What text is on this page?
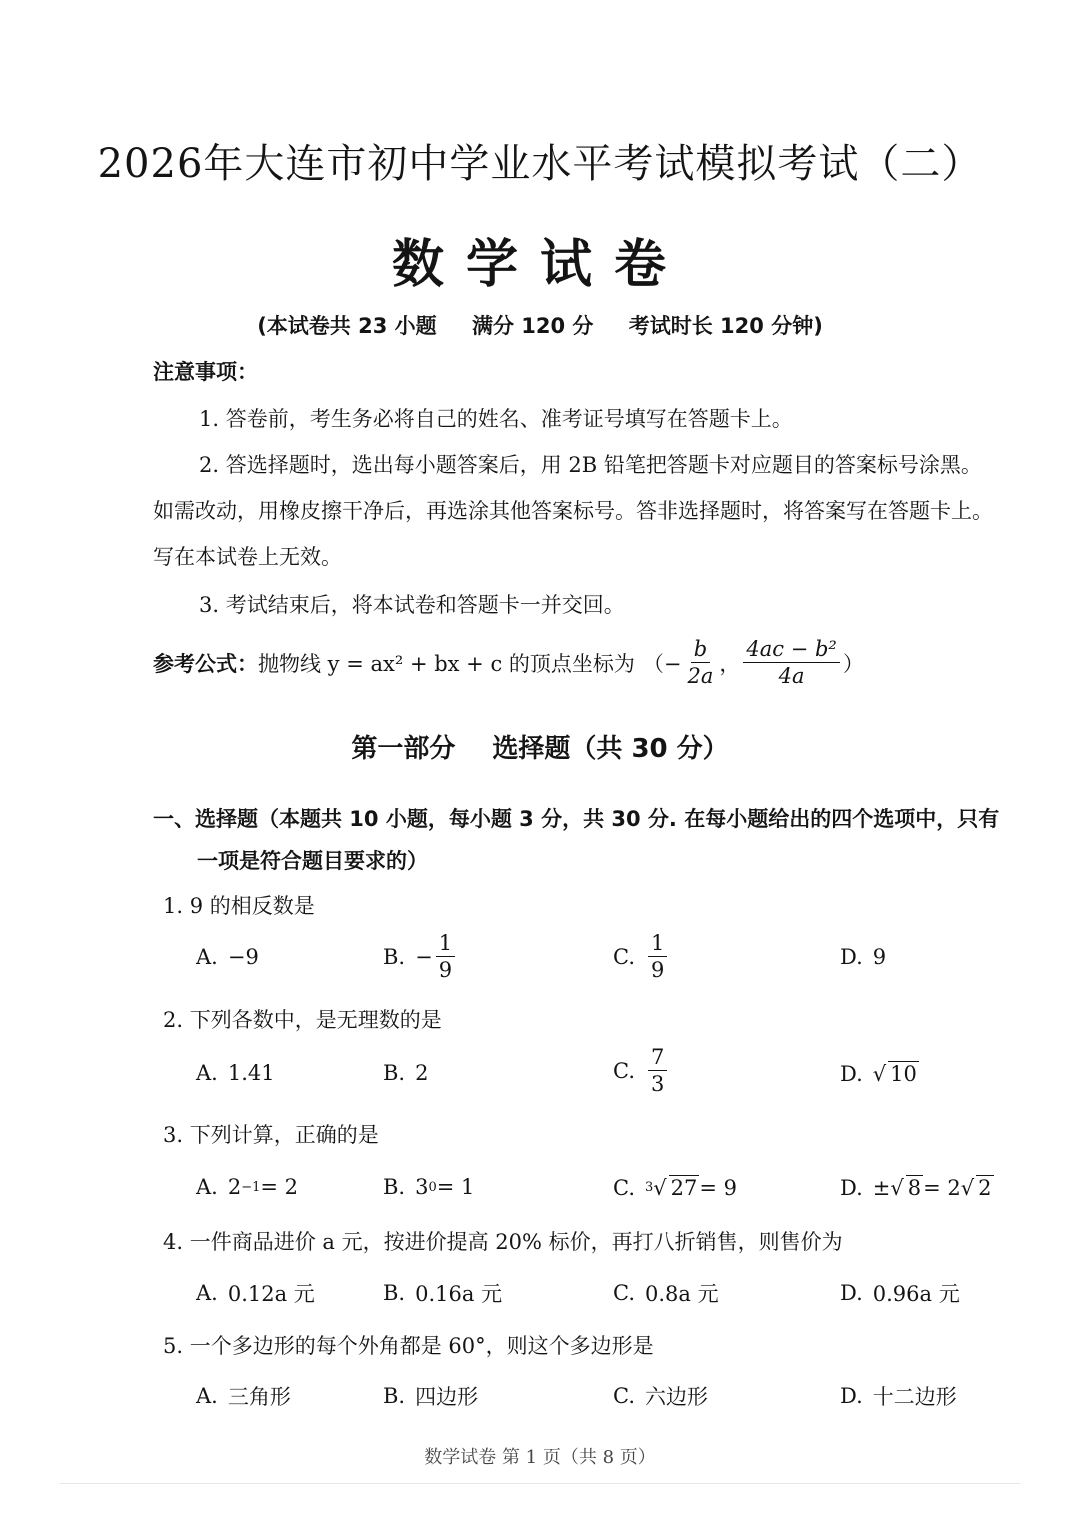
2026年大连市初中学业水平考试模拟考试（二）
数学试卷
(本试卷共 23 小题 满分 120 分 考试时长 120 分钟)
注意事项：
1. 答卷前，考生务必将自己的姓名、准考证号填写在答题卡上。
2. 答选择题时，选出每小题答案后，用 2B 铅笔把答题卡对应题目的答案标号涂黑。
如需改动，用橡皮擦干净后，再选涂其他答案标号。答非选择题时，将答案写在答题卡上。
写在本试卷上无效。
3. 考试结束后，将本试卷和答题卡一并交回。
参考公式： 抛物线 y = ax² + bx + c 的顶点坐标为 （− $\frac{b}{2a}$ ， $\frac{\text{4ac − b²}}{4a}$ ）
第一部分 选择题（共 30 分）
一、选择题（本题共 10 小题，每小题 3 分，共 30 分. 在每小题给出的四个选项中，只有
一项是符合题目要求的）
1. 9 的相反数是
A. −9	B. − $\frac{1}{9}$	C. $\frac{1}{9}$	D. 9
2. 下列各数中，是无理数的是
A. 1.41	B. 2	C. $\frac{7}{3}$	D. √ 10
3. 下列计算，正确的是
A. 2 −1 = 2	B. 3 0 = 1	C. 3 √ 27 = 9	D. ± √ 8 = 2 √ 2
4. 一件商品进价 a 元，按进价提高 20% 标价，再打八折销售，则售价为
A. 0.12a 元	B. 0.16a 元	C. 0.8a 元	D. 0.96a 元
5. 一个多边形的每个外角都是 60°，则这个多边形是
A. 三角形	B. 四边形	C. 六边形	D. 十二边形
数学试卷 第 1 页（共 8 页）
